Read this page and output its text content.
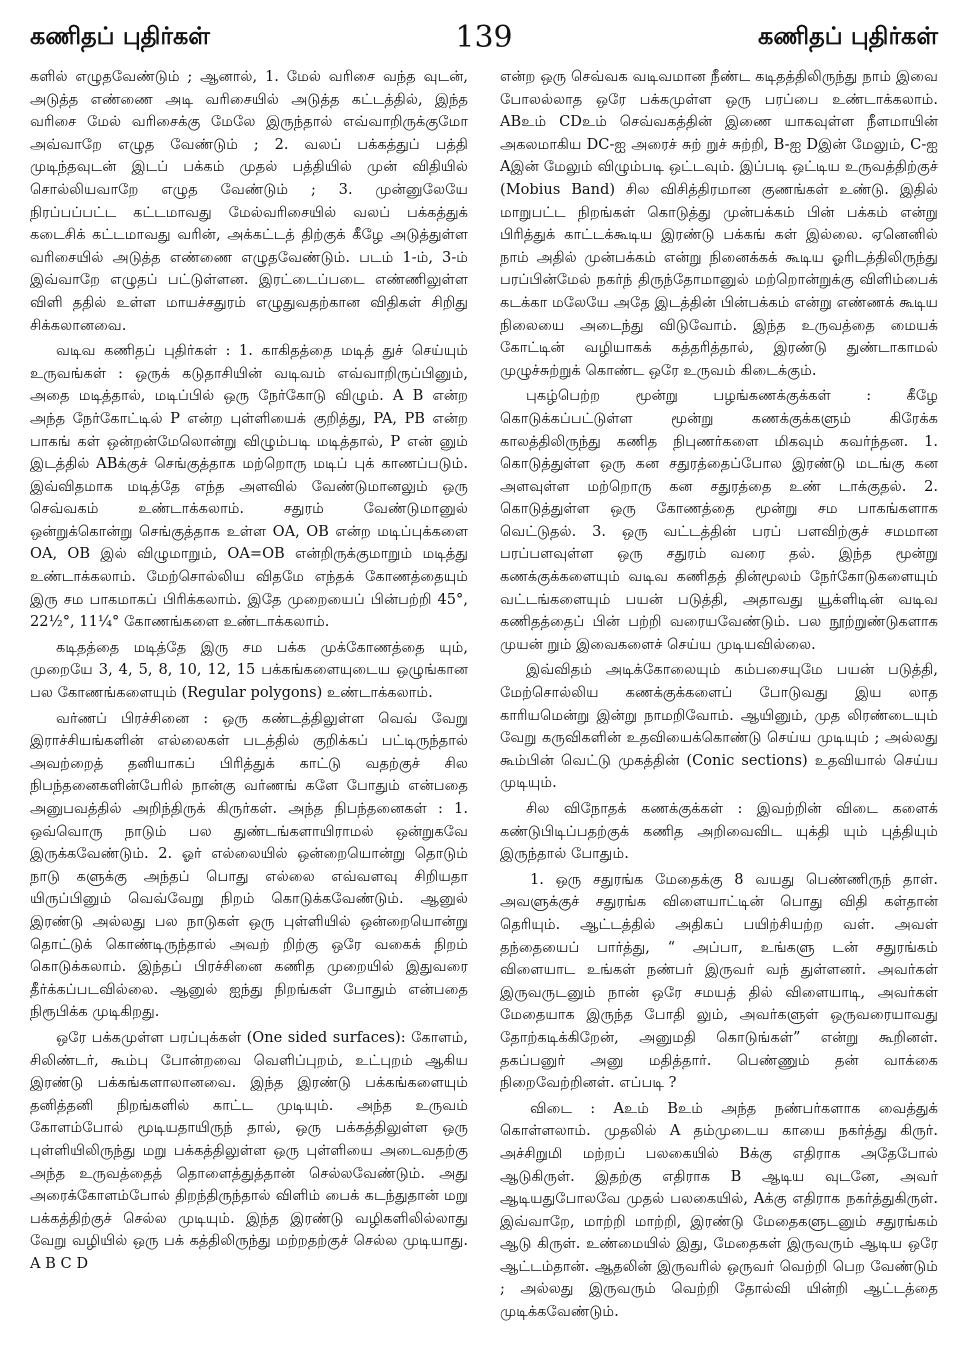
கணிதப் புதிர்கள்	139	கணிதப் புதிர்கள்

களில் எழுதவேண்டும் ; ஆனால், 1. மேல் வரிசை வந்த வுடன், அடுத்த எண்ணை அடி வரிசையில் அடுத்த கட்டத்தில், இந்த வரிசை மேல் வரிசைக்கு மேலே இருந்தால் எவ்வாறிருக்குமோ அவ்வாறே எழுத வேண்டும் ; 2. வலப் பக்கத்துப் பத்தி முடிந்தவுடன் இடப் பக்கம் முதல் பத்தியில் முன் விதியில் சொல்லியவாறே எழுத வேண்டும் ; 3. முன்னுலேயே நிரப்பப்பட்ட கட்டமாவது மேல்வரிசையில் வலப் பக்கத்துக் கடைசிக் கட்டமாவது வரின், அக்கட்டத் திற்குக் கீழே அடுத்துள்ள வரிசையில் அடுத்த எண்ணை எழுதவேண்டும். படம் 1-ம், 3-ம் இவ்வாறே எழுதப் பட்டுள்ளன. இரட்டைப்படை எண்ணிலுள்ள விளி ததில் உள்ள மாயச்சதுரம் எழுதுவதற்கான விதிகள் சிறிது சிக்கலானவை.

வடிவ கணிதப் புதிர்கள் : 1. காகிதத்தை மடித் துச் செய்யும் உருவங்கள் : ஒருக் கடுதாசியின் வடிவம் எவ்வாறிருப்பினும், அதை மடித்தால், மடிப்பில் ஒரு நேர்கோடு விழும். A B என்ற அந்த நேர்கோட்டில் P என்ற புள்ளியைக் குறித்து, PA, PB என்ற பாகங் கள் ஒன்றன்மேலொன்று விழும்படி மடித்தால், P என் னும் இடத்தில் ABக்குச் செங்குத்தாக மற்றொரு மடிப் புக் காணப்படும். இவ்விதமாக மடித்தே எந்த அளவில் வேண்டுமானலும் ஒரு செவ்வகம் உண்டாக்கலாம். சதுரம் வேண்டுமானுல் ஒன்றுக்கொன்று செங்குத்தாக உள்ள OA, OB என்ற மடிப்புக்களை OA, OB இல் விழுமாறும், OA=OB என்றிருக்குமாறும் மடித்து உண்டாக்கலாம். மேற்சொல்லிய விதமே எந்தக் கோணத்தையும் இரு சம பாகமாகப் பிரிக்கலாம். இதே முறையைப் பின்பற்றி 45°, 22½°, 11¼° கோணங்களை உண்டாக்கலாம்.

கடிதத்தை மடித்தே இரு சம பக்க முக்கோணத்தை யும், முறையே 3, 4, 5, 8, 10, 12, 15 பக்கங்களையுடைய ஒழுங்கான பல கோணங்களையும் (Regular polygons) உண்டாக்கலாம்.

வர்ணப் பிரச்சினை : ஒரு கண்டத்திலுள்ள வெவ் வேறு இராச்சியங்களின் எல்லைகள் படத்தில் குறிக்கப் பட்டிருந்தால் அவற்றைத் தனியாகப் பிரித்துக் காட்டு வதற்குச் சில நிபந்தனைகளின்பேரில் நான்கு வர்ணங் களே போதும் என்பதை அனுபவத்தில் அறிந்திருக் கிருர்கள். அந்த நிபந்தனைகள் : 1. ஒவ்வொரு நாடும் பல துண்டங்களாயிராமல் ஒன்றுகவே இருக்கவேண்டும். 2. ஓர் எல்லையில் ஒன்றையொன்று தொடும் நாடு களுக்கு அந்தப் பொது எல்லை எவ்வளவு சிறியதா யிருப்பினும் வெவ்வேறு நிறம் கொடுக்கவேண்டும். ஆனுல் இரண்டு அல்லது பல நாடுகள் ஒரு புள்ளியில் ஒன்றையொன்று தொட்டுக் கொண்டிருந்தால் அவற் றிற்கு ஒரே வகைக் நிறம் கொடுக்கலாம். இந்தப் பிரச்சினை கணித முறையில் இதுவரை தீர்க்கப்படவில்லை. ஆனுல் ஐந்து நிறங்கள் போதும் என்பதை நிரூபிக்க முடிகிறது.

ஒரே பக்கமுள்ள பரப்புக்கள் (One sided surfaces): கோளம், சிலிண்டர், கூம்பு போன்றவை வெளிப்புறம், உட்புறம் ஆகிய இரண்டு பக்கங்களாலானவை. இந்த இரண்டு பக்கங்களையும் தனித்தனி நிறங்களில் காட்ட முடியும். அந்த உருவம் கோளம்போல் மூடியதாயிருந் தால், ஒரு பக்கத்திலுள்ள ஒரு புள்ளியிலிருந்து மறு பக்கத்திலுள்ள ஒரு புள்ளியை அடைவதற்கு அந்த உருவத்தைத் தொளைத்துத்தான் செல்லவேண்டும். அது அரைக்கோளம்போல் திறந்திருந்தால் விளிம் பைக் கடந்துதான் மறு பக்கத்திற்குச் செல்ல முடியும். இந்த இரண்டு வழிகளிலில்லாது வேறு வழியில் ஒரு பக் கத்திலிருந்து மற்றதற்குச் செல்ல முடியாது. A B C D

என்ற ஒரு செவ்வக வடிவமான நீண்ட கடிதத்திலிருந்து நாம் இவை போலல்லாத ஒரே பக்கமுள்ள ஒரு பரப்பை உண்டாக்கலாம். ABஉம் CDஉம் செவ்வகத்தின் இணை யாகவுள்ள நீளமாயின் அகலமாகிய DC-ஐ அரைச் சுற் றுச் சுற்றி, B-ஐ Dஇன் மேலும், C-ஐ Aஇன் மேலும் விழும்படி ஒட்டவும். இப்படி ஒட்டிய உருவத்திற்குச் (Mobius Band) சில விசித்திரமான குணங்கள் உண்டு. இதில் மாறுபட்ட நிறங்கள் கொடுத்து முன்பக்கம் பின் பக்கம் என்று பிரித்துக் காட்டக்கூடிய இரண்டு பக்கங் கள் இல்லை. ஏனெனில் நாம் அதில் முன்பக்கம் என்று நினைக்கக் கூடிய ஓரிடத்திலிருந்து பரப்பின்மேல் நகர்ந் திருந்தோமானுல் மற்றொன்றுக்கு விளிம்பைக் கடக்கா மலேயே அதே இடத்தின் பின்பக்கம் என்று எண்ணக் கூடிய நிலையை அடைந்து விடுவோம். இந்த உருவத்தை மையக் கோட்டின் வழியாகக் கத்தரித்தால், இரண்டு துண்டாகாமல் முழுச்சுற்றுக் கொண்ட ஒரே உருவம் கிடைக்கும்.

புகழ்பெற்ற மூன்று பழங்கணக்குக்கள் : கீழே கொடுக்கப்பட்டுள்ள மூன்று கணக்குக்களும் கிரேக்க காலத்திலிருந்து கணித நிபுணர்களை மிகவும் கவர்ந்தன. 1. கொடுத்துள்ள ஒரு கன சதுரத்தைப்போல இரண்டு மடங்கு கன அளவுள்ள மற்றொரு கன சதுரத்தை உண் டாக்குதல். 2. கொடுத்துள்ள ஒரு கோணத்தை மூன்று சம பாகங்களாக வெட்டுதல். 3. ஒரு வட்டத்தின் பரப் பளவிற்குச் சமமான பரப்பளவுள்ள ஒரு சதுரம் வரை தல். இந்த மூன்று கணக்குக்களையும் வடிவ கணிதத் தின்மூலம் நேர்கோடுகளையும் வட்டங்களையும் பயன் படுத்தி, அதாவது யூக்ளிடின் வடிவ கணிதத்தைப் பின் பற்றி வரையவேண்டும். பல நூற்றுண்டுகளாக முயன் றும் இவைகளைச் செய்ய முடியவில்லை.

இவ்விதம் அடிக்கோலையும் கம்பசையுமே பயன் படுத்தி, மேற்சொல்லிய கணக்குக்களைப் போடுவது இய லாத காரியமென்று இன்று நாமறிவோம். ஆயினும், முத லிரண்டையும் வேறு கருவிகளின் உதவியைக்கொண்டு செய்ய முடியும் ; அல்லது கூம்பின் வெட்டு முகத்தின் (Conic sections) உதவியால் செய்ய முடியும்.

சில விநோதக் கணக்குக்கள் : இவற்றின் விடை களைக் கண்டுபிடிப்பதற்குக் கணித அறிவைவிட யுக்தி யும் புத்தியும் இருந்தால் போதும்.

1. ஒரு சதுரங்க மேதைக்கு 8 வயது பெண்ணிருந் தாள். அவளுக்குச் சதுரங்க விளையாட்டின் பொது விதி கள்தான் தெரியும். ஆட்டத்தில் அதிகப் பயிற்சியற்ற வள். அவள் தந்தையைப் பார்த்து, “ அப்பா, உங்களு டன் சதுரங்கம் விளையாட உங்கள் நண்பர் இருவர் வந் துள்ளனர். அவர்கள் இருவருடனும் நான் ஒரே சமயத் தில் விளையாடி, அவர்கள் மேதையாக இருந்த போதி லும், அவர்களுள் ஒருவரையாவது தோற்கடிக்கிறேன், அனுமதி கொடுங்கள்” என்று கூறினள். தகப்பனுர் அனு மதித்தார். பெண்ணும் தன் வாக்கை நிறைவேற்றினள். எப்படி ?

விடை : Aஉம் Bஉம் அந்த நண்பர்களாக வைத்துக் கொள்ளலாம். முதலில் A தம்முடைய காயை நகர்த்து கிருர். அச்சிறுமி மற்றப் பலகையில் Bக்கு எதிராக அதேபோல் ஆடுகிருள். இதற்கு எதிராக B ஆடிய வுடனே, அவர் ஆடியதுபோலவே முதல் பலகையில், Aக்கு எதிராக நகர்த்துகிருள். இவ்வாறே, மாற்றி மாற்றி, இரண்டு மேதைகளுடனும் சதுரங்கம் ஆடு கிருள். உண்மையில் இது, மேதைகள் இருவரும் ஆடிய ஒரே ஆட்டம்தான். ஆதலின் இருவரில் ஒருவர் வெற்றி பெற வேண்டும் ; அல்லது இருவரும் வெற்றி தோல்வி யின்றி ஆட்டத்தை முடிக்கவேண்டும்.
